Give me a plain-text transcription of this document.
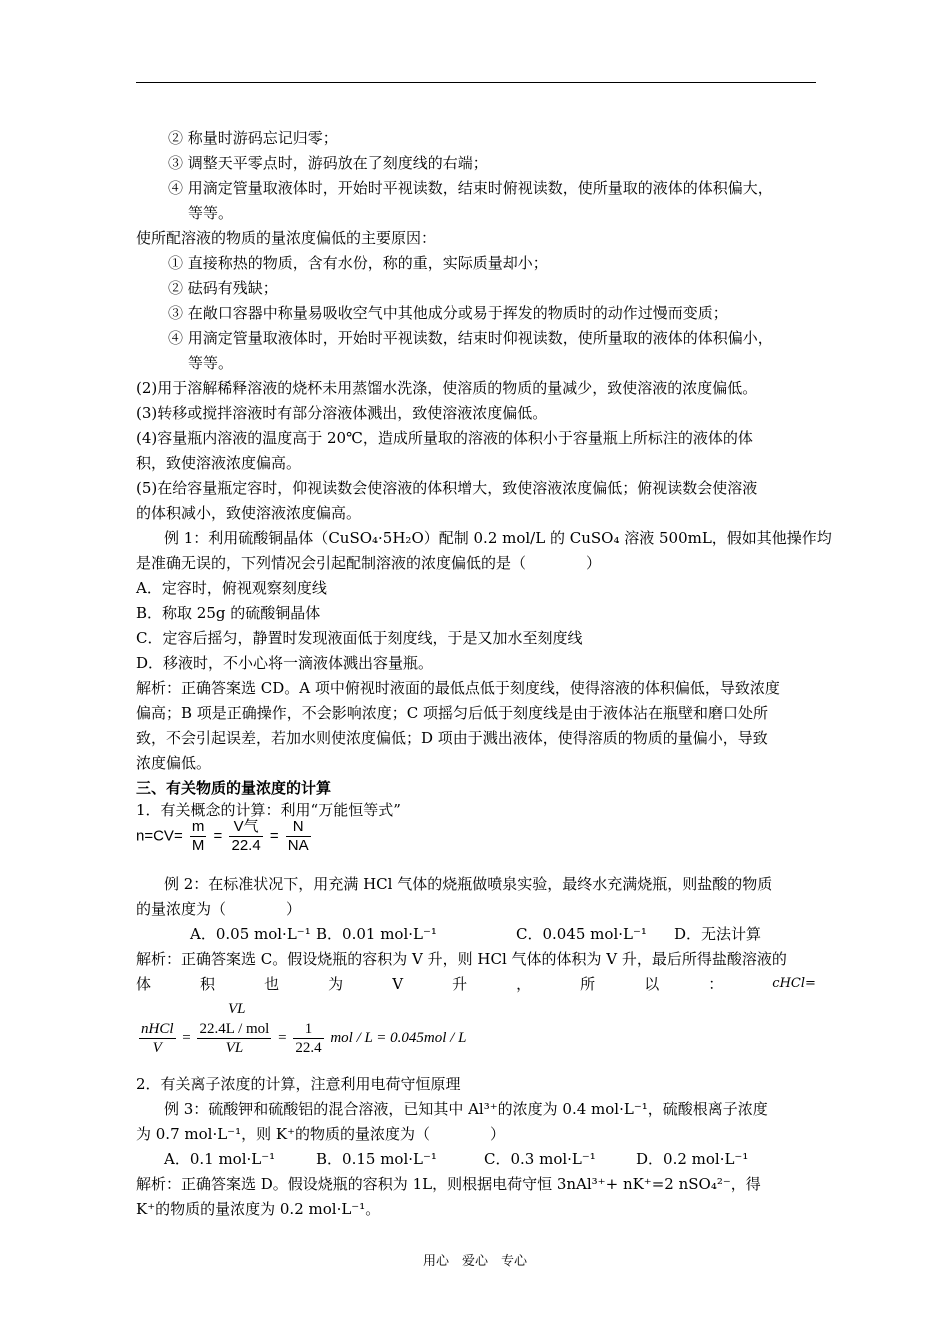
② 称量时游码忘记归零；
③ 调整天平零点时，游码放在了刻度线的右端；
④ 用滴定管量取液体时，开始时平视读数，结束时俯视读数，使所量取的液体的体积偏大，
等等。
使所配溶液的物质的量浓度偏低的主要原因：
① 直接称热的物质，含有水份，称的重，实际质量却小；
② 砝码有残缺；
③ 在敞口容器中称量易吸收空气中其他成分或易于挥发的物质时的动作过慢而变质；
④ 用滴定管量取液体时，开始时平视读数，结束时仰视读数，使所量取的液体的体积偏小，
等等。
(2)用于溶解稀释溶液的烧杯未用蒸馏水洗涤，使溶质的物质的量减少，致使溶液的浓度偏低。
(3)转移或搅拌溶液时有部分溶液体溅出，致使溶液浓度偏低。
(4)容量瓶内溶液的温度高于 20℃，造成所量取的溶液的体积小于容量瓶上所标注的液体的体
积，致使溶液浓度偏高。
(5)在给容量瓶定容时，仰视读数会使溶液的体积增大，致使溶液浓度偏低；俯视读数会使溶液
的体积减小，致使溶液浓度偏高。
例 1：利用硫酸铜晶体（CuSO₄·5H₂O）配制 0.2 mol/L 的 CuSO₄ 溶液 500mL，假如其他操作均
是准确无误的，下列情况会引起配制溶液的浓度偏低的是（　　　　）
A．定容时，俯视观察刻度线
B．称取 25g 的硫酸铜晶体
C．定容后摇匀，静置时发现液面低于刻度线，于是又加水至刻度线
D．移液时，不小心将一滴液体溅出容量瓶。
解析：正确答案选 CD。A 项中俯视时液面的最低点低于刻度线，使得溶液的体积偏低，导致浓度
偏高；B 项是正确操作，不会影响浓度；C 项摇匀后低于刻度线是由于液体沾在瓶壁和磨口处所
致，不会引起误差，若加水则使浓度偏低；D 项由于溅出液体，使得溶质的物质的量偏小，导致
浓度偏低。
三、有关物质的量浓度的计算
1．有关概念的计算：利用“万能恒等式”
$n=CV= \frac{m}{M} = \frac{\text{V气}}{22.4} = \frac{N}{NA}$
例 2：在标准状况下，用充满 HCl 气体的烧瓶做喷泉实验，最终水充满烧瓶，则盐酸的物质
的量浓度为（　　　　）
A．0.05 mol·L⁻¹ B．0.01 mol·L⁻¹	C．0.045 mol·L⁻¹ D．无法计算
解析：正确答案选 C。假设烧瓶的容积为 V 升，则 HCl 气体的体积为 V 升，最后所得盐酸溶液的
体	积	也	为	V	升	，	所	以	：	cHCl=
VL
$\frac{\text{nHCl}}{V} = \frac{\text{22.4L / mol}}{VL} = \frac{1}{22.4}$ mol / L = 0.045mol / L
2．有关离子浓度的计算，注意利用电荷守恒原理
例 3：硫酸钾和硫酸铝的混合溶液，已知其中 Al³⁺的浓度为 0.4 mol·L⁻¹，硫酸根离子浓度
为 0.7 mol·L⁻¹，则 K⁺的物质的量浓度为（　　　　）
A．0.1 mol·L⁻¹	B．0.15 mol·L⁻¹	C．0.3 mol·L⁻¹	D．0.2 mol·L⁻¹
解析：正确答案选 D。假设烧瓶的容积为 1L，则根据电荷守恒 3nAl³⁺+ nK⁺=2 nSO₄²⁻，得
K⁺的物质的量浓度为 0.2 mol·L⁻¹。
用心　爱心　专心
